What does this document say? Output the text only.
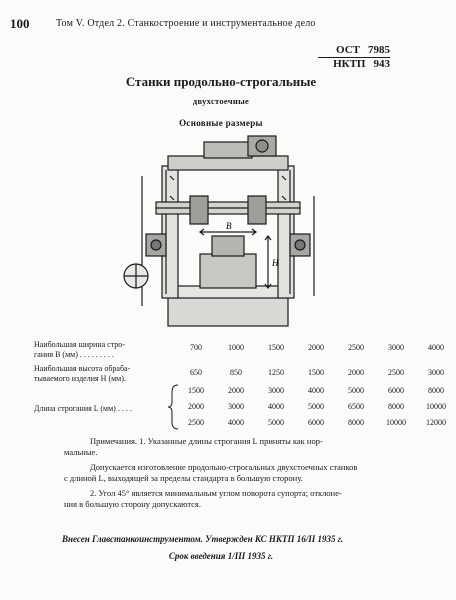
100	Том V. Отдел 2. Станкостроение и инструментальное дело
ОСТ 7985
НКТП 943
Станки продольно-строгальные
двухстоечные
Основные размеры
B
H
Наибольшая ширина стро-
гания B (мм) . . . . . . . . .
700	1000	1500	2000	2500	3000	4000
Наибольшая высота обраба-
тываемого изделия H (мм).
650	850	1250	1500	2000	2500	3000
Длина строгания L (мм) . . . .
1500	2000	3000	4000	5000	6000	8000
2000	3000	4000	5000	6500	8000	10000
2500	4000	5000	6000	8000	10000	12000
Примечания. 1. Указанные длины строгания L приняты как нор-
мальные.
Допускается изготовление продольно-строгальных двухстоечных станков
с длиной L, выходящей за пределы стандарта в большую сторону.
2. Угол 45° является минимальным углом поворота супорта; отклоне-
ния в большую сторону допускаются.
Внесен Главстанкоинструментом. Утвержден КС НКТП 16/II 1935 г.
Срок введения 1/III 1935 г.
